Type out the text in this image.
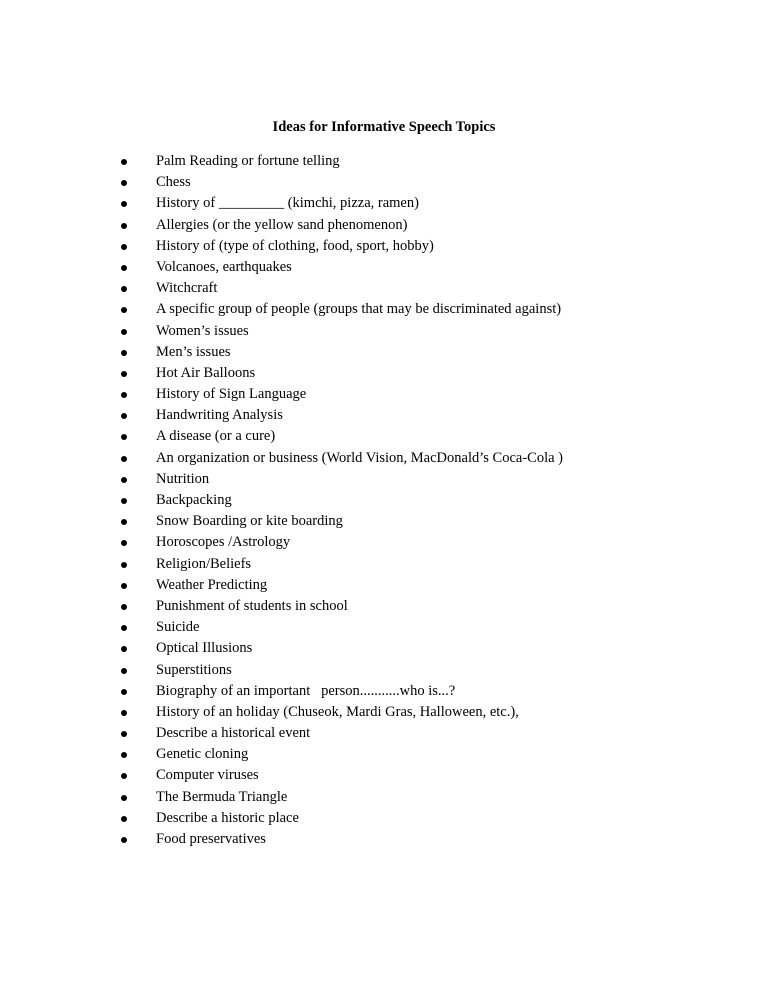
Ideas for Informative Speech Topics
Palm Reading or fortune telling
Chess
History of _________ (kimchi, pizza, ramen)
Allergies (or the yellow sand phenomenon)
History of (type of clothing, food, sport, hobby)
Volcanoes, earthquakes
Witchcraft
A specific group of people (groups that may be discriminated against)
Women’s issues
Men’s issues
Hot Air Balloons
History of Sign Language
Handwriting Analysis
A disease (or a cure)
An organization or business (World Vision, MacDonald’s Coca-Cola )
Nutrition
Backpacking
Snow Boarding or kite boarding
Horoscopes /Astrology
Religion/Beliefs
Weather Predicting
Punishment of students in school
Suicide
Optical Illusions
Superstitions
Biography of an important   person...........who is...?
History of an holiday (Chuseok, Mardi Gras, Halloween, etc.),
Describe a historical event
Genetic cloning
Computer viruses
The Bermuda Triangle
Describe a historic place
Food preservatives
